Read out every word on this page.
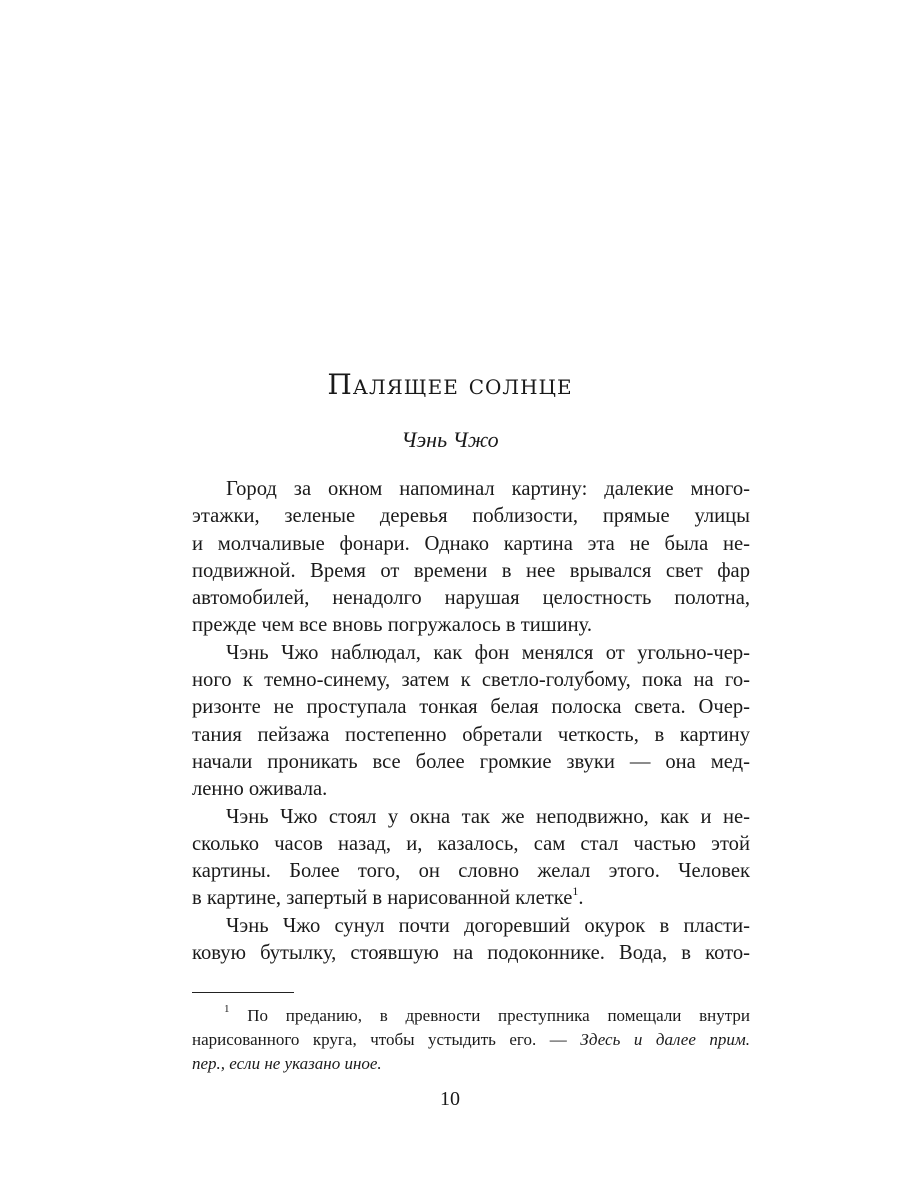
Палящее солнце

Чэнь Чжо

Город за окном напоминал картину: далекие много-
этажки, зеленые деревья поблизости, прямые улицы
и молчаливые фонари. Однако картина эта не была не-
подвижной. Время от времени в нее врывался свет фар
автомобилей, ненадолго нарушая целостность полотна,
прежде чем все вновь погружалось в тишину.
Чэнь Чжо наблюдал, как фон менялся от угольно-чер-
ного к темно-синему, затем к светло-голубому, пока на го-
ризонте не проступала тонкая белая полоска света. Очер-
тания пейзажа постепенно обретали четкость, в картину
начали проникать все более громкие звуки — она мед-
ленно оживала.
Чэнь Чжо стоял у окна так же неподвижно, как и не-
сколько часов назад, и, казалось, сам стал частью этой
картины. Более того, он словно желал этого. Человек
в картине, запертый в нарисованной клетке$^1$.
Чэнь Чжо сунул почти догоревший окурок в пласти-
ковую бутылку, стоявшую на подоконнике. Вода, в кото-
$^1$ По преданию, в древности преступника помещали внутри
нарисованного круга, чтобы устыдить его. — Здесь и далее прим.
пер., если не указано иное.
10
